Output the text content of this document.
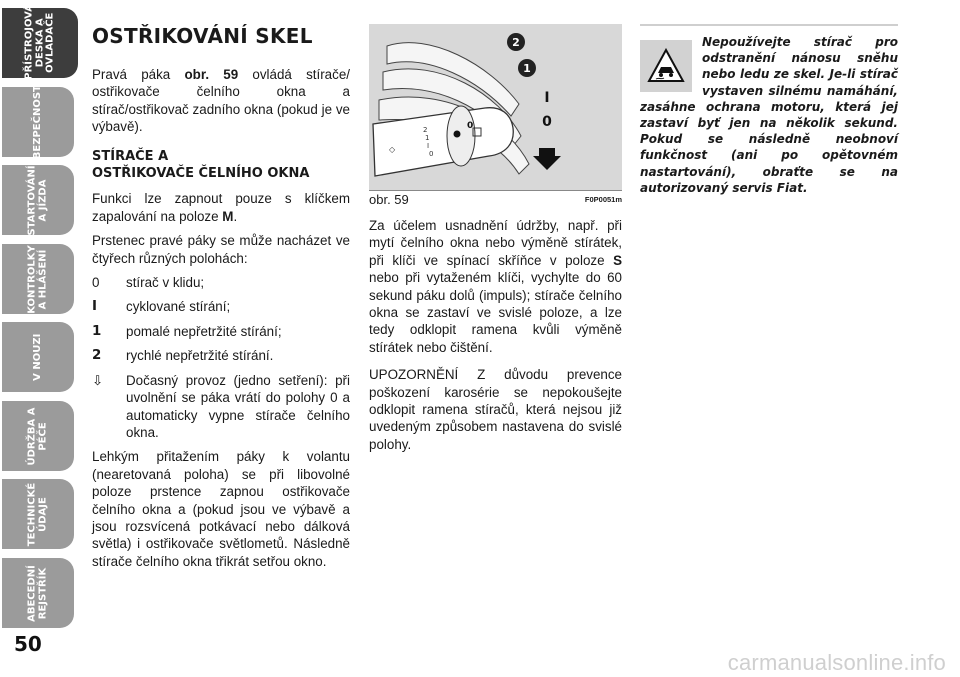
PŘÍSTROJOVÁ
DESKA A
OVLADAČE
BEZPEČNOST
STARTOVÁNÍ
A JÍZDA
KONTROLKY
A HLÁŠENÍ
V NOUZI
ÚDRŽBA A
PÉČE
TECHNICKÉ
ÚDAJE
ABECEDNÍ
REJSTŘÍK
50
OSTŘIKOVÁNÍ SKEL

Pravá páka obr. 59 ovládá stírače/ ostřikovače čelního okna a stírač/ostřikovač zadního okna (pokud je ve výbavě).

STÍRAČE A
OSTŘIKOVAČE ČELNÍHO OKNA

Funkci lze zapnout pouze s klíčkem zapalování na poloze M.

Prstenec pravé páky se může nacházet ve čtyřech různých polohách:

0	stírač v klidu;
I	cyklované stírání;
1	pomalé nepřetržité stírání;
2	rychlé nepřetržité stírání.
⇩	Dočasný provoz (jedno setření): při uvolnění se páka vrátí do polohy 0 a automaticky vypne stírače čelního okna.

Lehkým přitažením páky k volantu (nearetovaná poloha) se při libovolné poloze prstence zapnou ostřikovače čelního okna a (pokud jsou ve výbavě a jsou rozsvícená potkávací nebo dálková světla) i ostřikovače světlometů. Následně stírače čelního okna třikrát setřou okno.

◇
2
1
I
0
0
2
1
I
0
obr. 59	F0P0051m

Za účelem usnadnění údržby, např. při mytí čelního okna nebo výměně stírátek, při klíči ve spínací skříňce v poloze S nebo při vytaženém klíči, vychylte do 60 sekund páku dolů (impuls); stírače čelního okna se zastaví ve svislé poloze, a lze tedy odklopit ramena kvůli výměně stírátek nebo čištění.

UPOZORNĚNÍ Z důvodu prevence poškození karosérie se nepokoušejte odklopit ramena stíračů, která nejsou již uvedeným způsobem nastavena do svislé polohy.

Nepoužívejte stírač pro odstranění nánosu sněhu nebo ledu ze skel. Je-li stírač vystaven silnému namáhání, zasáhne ochrana motoru, která jej zastaví byť jen na několik sekund. Pokud se následně neobnoví funkčnost (ani po opětovném nastartování), obraťte se na autorizovaný servis Fiat.

carmanualsonline.info
